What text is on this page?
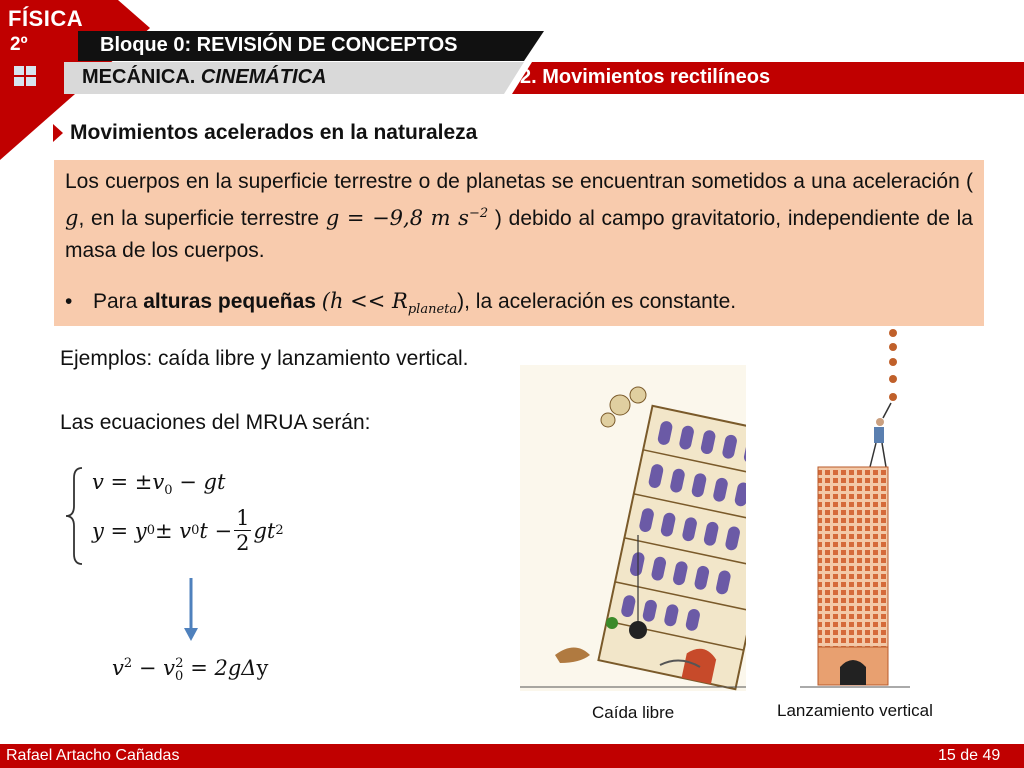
FÍSICA
2º	Bloque 0: REVISIÓN DE CONCEPTOS
MECÁNICA. CINEMÁTICA	2. Movimientos rectilíneos
Movimientos acelerados en la naturaleza
Los cuerpos en la superficie terrestre o de planetas se encuentran sometidos a una aceleración ( g, en la superficie terrestre g = −9,8 m $s^{-2}$ ) debido al campo gravitatorio, independiente de la masa de los cuerpos.
• Para alturas pequeñas $(h << R_{planeta})$, la aceleración es constante.
Ejemplos: caída libre y lanzamiento vertical.
Las ecuaciones del MRUA serán:
$v = \pm v_0$ − gt
y = y 0 ± v 0 $t - \frac{1}{2}$ gt 2
$v^2 - v_0^2 = 2g\Delta y$
Caída libre	Lanzamiento vertical
Rafael Artacho Cañadas	15 de 49
